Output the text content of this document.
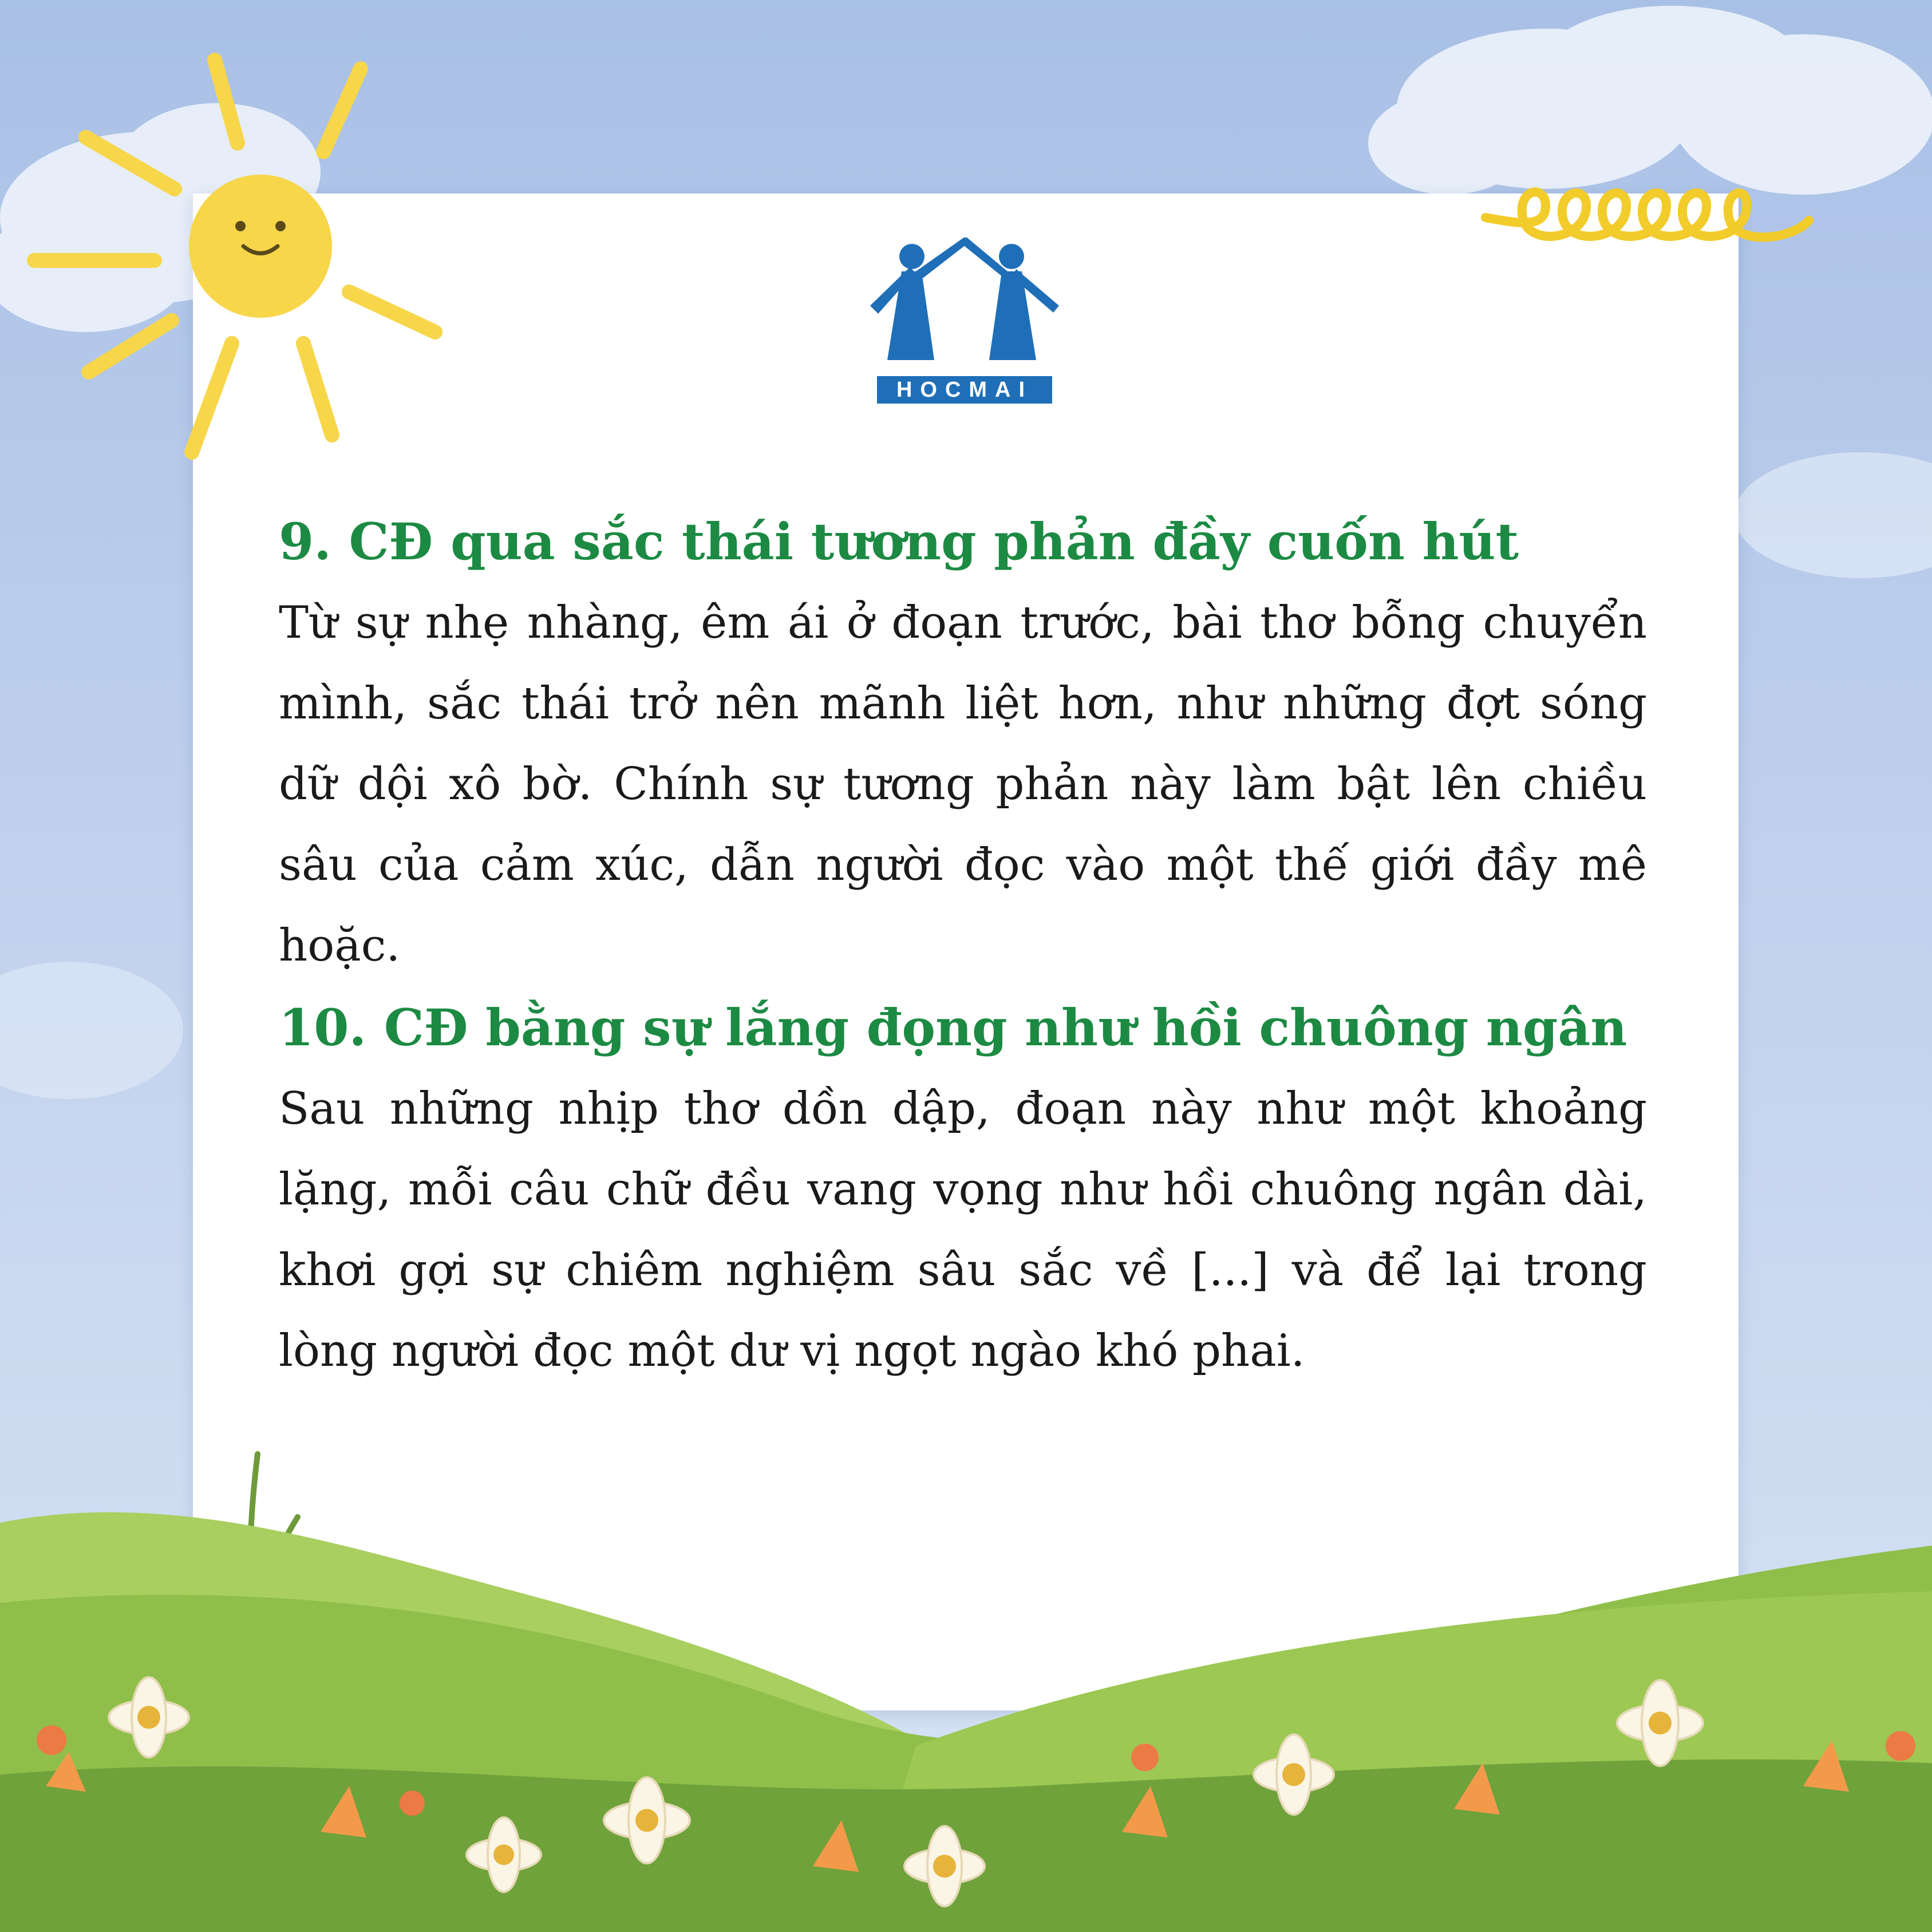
HOCMAI
9. CĐ qua sắc thái tương phản đầy cuốn hút

Từ sự nhẹ nhàng, êm ái ở đoạn trước, bài thơ bỗng chuyển mình, sắc thái trở nên mãnh liệt hơn, như những đợt sóng dữ dội xô bờ. Chính sự tương phản này làm bật lên chiều sâu của cảm xúc, dẫn người đọc vào một thế giới đầy mê hoặc.

10. CĐ bằng sự lắng đọng như hồi chuông ngân

Sau những nhịp thơ dồn dập, đoạn này như một khoảng lặng, mỗi câu chữ đều vang vọng như hồi chuông ngân dài, khơi gợi sự chiêm nghiệm sâu sắc về [...] và để lại trong lòng người đọc một dư vị ngọt ngào khó phai.
